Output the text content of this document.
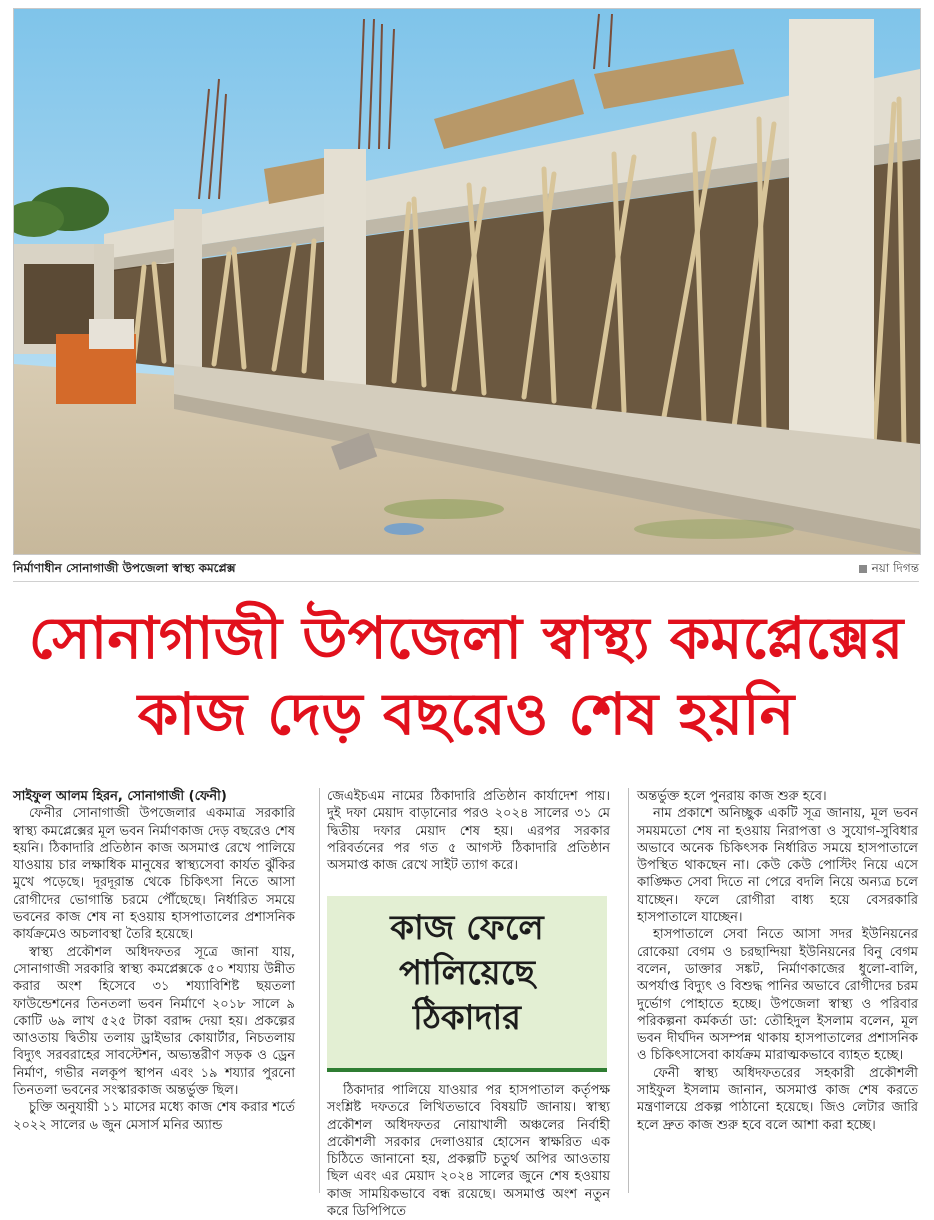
নির্মাণাধীন সোনাগাজী উপজেলা স্বাস্থ্য কমপ্লেক্স	নয়া দিগন্ত
সোনাগাজী উপজেলা স্বাস্থ্য কমপ্লেক্সের
কাজ দেড় বছরেও শেষ হয়নি

সাইফুল আলম হিরন, সোনাগাজী (ফেনী)

ফেনীর সোনাগাজী উপজেলার একমাত্র সরকারি স্বাস্থ্য কমপ্লেক্সের মূল ভবন নির্মাণকাজ দেড় বছরেও শেষ হয়নি। ঠিকাদারি প্রতিষ্ঠান কাজ অসমাপ্ত রেখে পালিয়ে যাওয়ায় চার লক্ষাধিক মানুষের স্বাস্থ্যসেবা কার্যত ঝুঁকির মুখে পড়েছে। দূরদূরান্ত থেকে চিকিৎসা নিতে আসা রোগীদের ভোগান্তি চরমে পৌঁছেছে। নির্ধারিত সময়ে ভবনের কাজ শেষ না হওয়ায় হাসপাতালের প্রশাসনিক কার্যক্রমেও অচলাবস্থা তৈরি হয়েছে।

স্বাস্থ্য প্রকৌশল অধিদফতর সূত্রে জানা যায়, সোনাগাজী সরকারি স্বাস্থ্য কমপ্লেক্সকে ৫০ শয্যায় উন্নীত করার অংশ হিসেবে ৩১ শয্যাবিশিষ্ট ছয়তলা ফাউন্ডেশনের তিনতলা ভবন নির্মাণে ২০১৮ সালে ৯ কোটি ৬৯ লাখ ৫২৫ টাকা বরাদ্দ দেয়া হয়। প্রকল্পের আওতায় দ্বিতীয় তলায় ড্রাইভার কোয়ার্টার, নিচতলায় বিদ্যুৎ সরবরাহের সাবস্টেশন, অভ্যন্তরীণ সড়ক ও ড্রেন নির্মাণ, গভীর নলকূপ স্থাপন এবং ১৯ শয্যার পুরনো তিনতলা ভবনের সংস্কারকাজ অন্তর্ভুক্ত ছিল।

চুক্তি অনুযায়ী ১১ মাসের মধ্যে কাজ শেষ করার শর্তে ২০২২ সালের ৬ জুন মেসার্স মনির অ্যান্ড

জেএইচএম নামের ঠিকাদারি প্রতিষ্ঠান কার্যাদেশ পায়। দুই দফা মেয়াদ বাড়ানোর পরও ২০২৪ সালের ৩১ মে দ্বিতীয় দফার মেয়াদ শেষ হয়। এরপর সরকার পরিবর্তনের পর গত ৫ আগস্ট ঠিকাদারি প্রতিষ্ঠান অসমাপ্ত কাজ রেখে সাইট ত্যাগ করে।

কাজ ফেলে
পালিয়েছে
ঠিকাদার

ঠিকাদার পালিয়ে যাওয়ার পর হাসপাতাল কর্তৃপক্ষ সংশ্লিষ্ট দফতরে লিখিতভাবে বিষয়টি জানায়। স্বাস্থ্য প্রকৌশল অধিদফতর নোয়াখালী অঞ্চলের নির্বাহী প্রকৌশলী সরকার দেলাওয়ার হোসেন স্বাক্ষরিত এক চিঠিতে জানানো হয়, প্রকল্পটি চতুর্থ অপির আওতায় ছিল এবং এর মেয়াদ ২০২৪ সালের জুনে শেষ হওয়ায় কাজ সাময়িকভাবে বন্ধ রয়েছে। অসমাপ্ত অংশ নতুন করে ডিপিপিতে

অন্তর্ভুক্ত হলে পুনরায় কাজ শুরু হবে।

নাম প্রকাশে অনিচ্ছুক একটি সূত্র জানায়, মূল ভবন সময়মতো শেষ না হওয়ায় নিরাপত্তা ও সুযোগ-সুবিধার অভাবে অনেক চিকিৎসক নির্ধারিত সময়ে হাসপাতালে উপস্থিত থাকছেন না। কেউ কেউ পোস্টিং নিয়ে এসে কাঙ্ক্ষিত সেবা দিতে না পেরে বদলি নিয়ে অন্যত্র চলে যাচ্ছেন। ফলে রোগীরা বাধ্য হয়ে বেসরকারি হাসপাতালে যাচ্ছেন।

হাসপাতালে সেবা নিতে আসা সদর ইউনিয়নের রোকেয়া বেগম ও চরছান্দিয়া ইউনিয়নের বিনু বেগম বলেন, ডাক্তার সঙ্কট, নির্মাণকাজের ধুলো-বালি, অপর্যাপ্ত বিদ্যুৎ ও বিশুদ্ধ পানির অভাবে রোগীদের চরম দুর্ভোগ পোহাতে হচ্ছে। উপজেলা স্বাস্থ্য ও পরিবার পরিকল্পনা কর্মকর্তা ডা: তৌহিদুল ইসলাম বলেন, মূল ভবন দীর্ঘদিন অসম্পন্ন থাকায় হাসপাতালের প্রশাসনিক ও চিকিৎসাসেবা কার্যক্রম মারাত্মকভাবে ব্যাহত হচ্ছে।

ফেনী স্বাস্থ্য অধিদফতরের সহকারী প্রকৌশলী সাইফুল ইসলাম জানান, অসমাপ্ত কাজ শেষ করতে মন্ত্রণালয়ে প্রকল্প পাঠানো হয়েছে। জিও লেটার জারি হলে দ্রুত কাজ শুরু হবে বলে আশা করা হচ্ছে।
